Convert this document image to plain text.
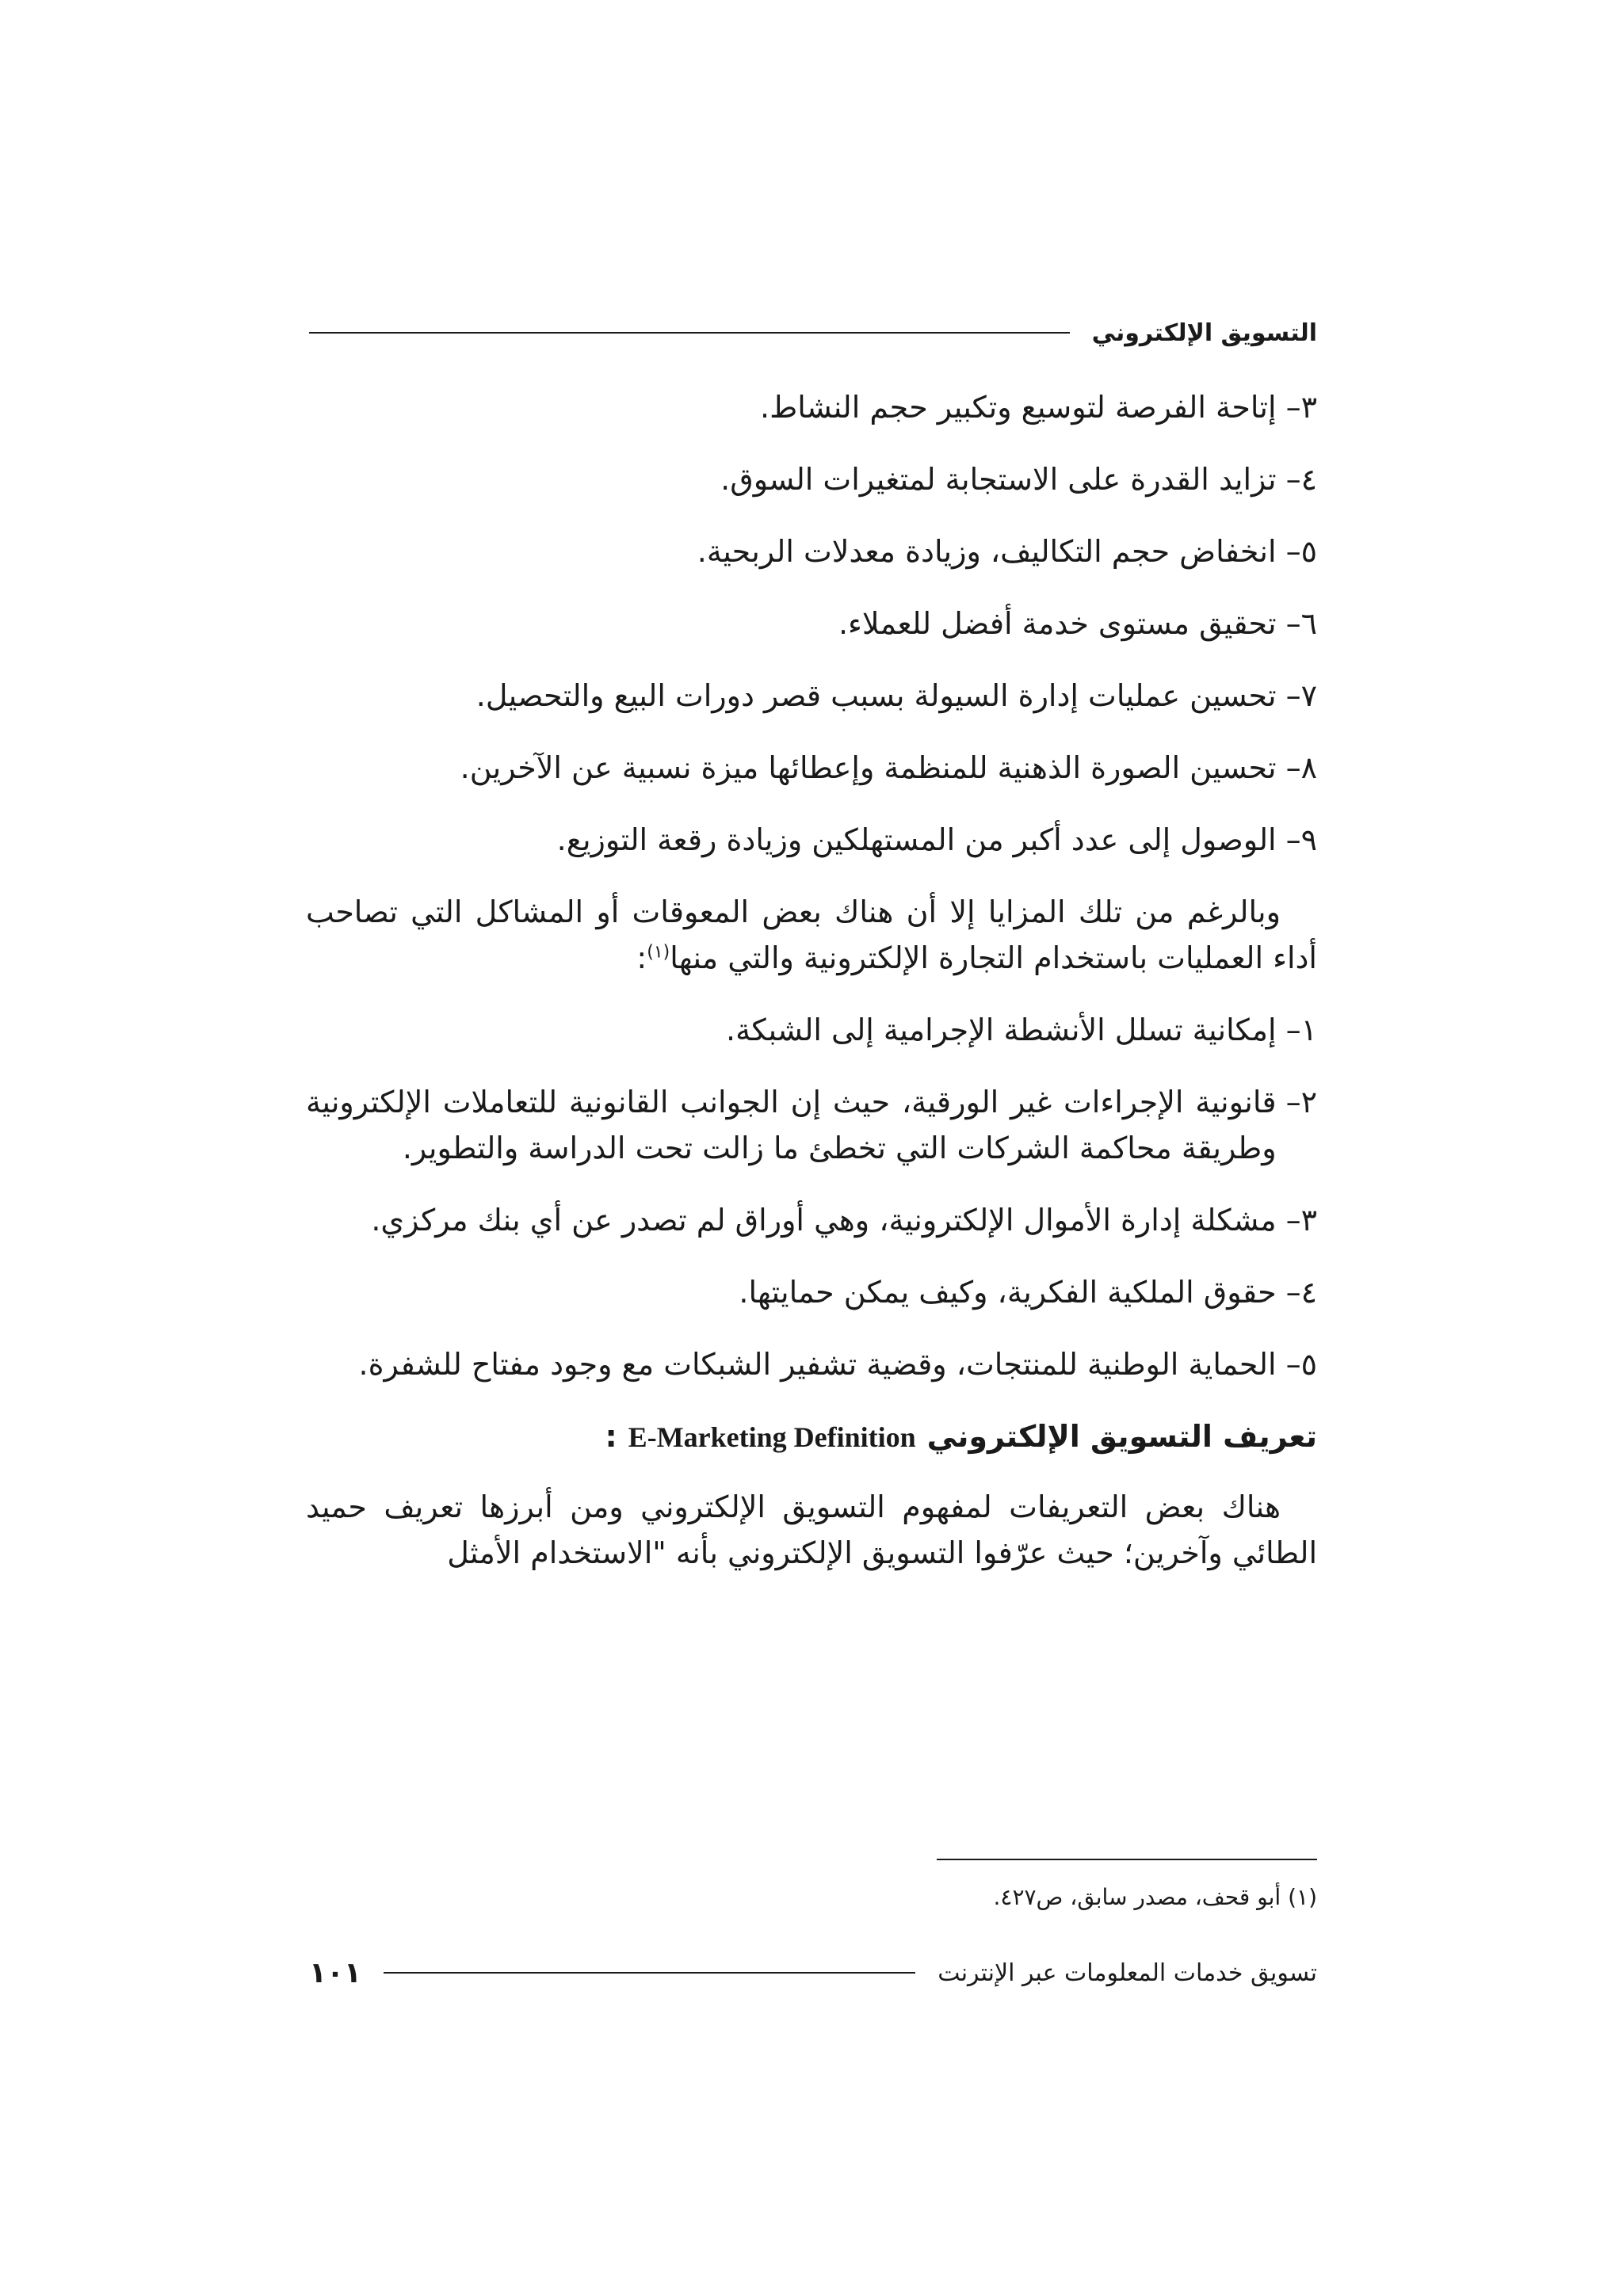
التسويق الإلكتروني
٣–
إتاحة الفرصة لتوسيع وتكبير حجم النشاط.
٤–
تزايد القدرة على الاستجابة لمتغيرات السوق.
٥–
انخفاض حجم التكاليف، وزيادة معدلات الربحية.
٦–
تحقيق مستوى خدمة أفضل للعملاء.
٧–
تحسين عمليات إدارة السيولة بسبب قصر دورات البيع والتحصيل.
٨–
تحسين الصورة الذهنية للمنظمة وإعطائها ميزة نسبية عن الآخرين.
٩–
الوصول إلى عدد أكبر من المستهلكين وزيادة رقعة التوزيع.

وبالرغم من تلك المزايا إلا أن هناك بعض المعوقات أو المشاكل التي تصاحب أداء العمليات باستخدام التجارة الإلكترونية والتي منها$^{(١)}$:

١–
إمكانية تسلل الأنشطة الإجرامية إلى الشبكة.
٢–
قانونية الإجراءات غير الورقية، حيث إن الجوانب القانونية للتعاملات الإلكترونية وطريقة محاكمة الشركات التي تخطئ ما زالت تحت الدراسة والتطوير.
٣–
مشكلة إدارة الأموال الإلكترونية، وهي أوراق لم تصدر عن أي بنك مركزي.
٤–
حقوق الملكية الفكرية، وكيف يمكن حمايتها.
٥–
الحماية الوطنية للمنتجات، وقضية تشفير الشبكات مع وجود مفتاح للشفرة.
تعريف التسويق الإلكتروني
E-Marketing Definition
:

هناك بعض التعريفات لمفهوم التسويق الإلكتروني ومن أبرزها تعريف حميد الطائي وآخرين؛ حيث عرّفوا التسويق الإلكتروني بأنه "الاستخدام الأمثل

(١) أبو قحف، مصدر سابق، ص٤٢٧.
تسويق خدمات المعلومات عبر الإنترنت
١٠١
